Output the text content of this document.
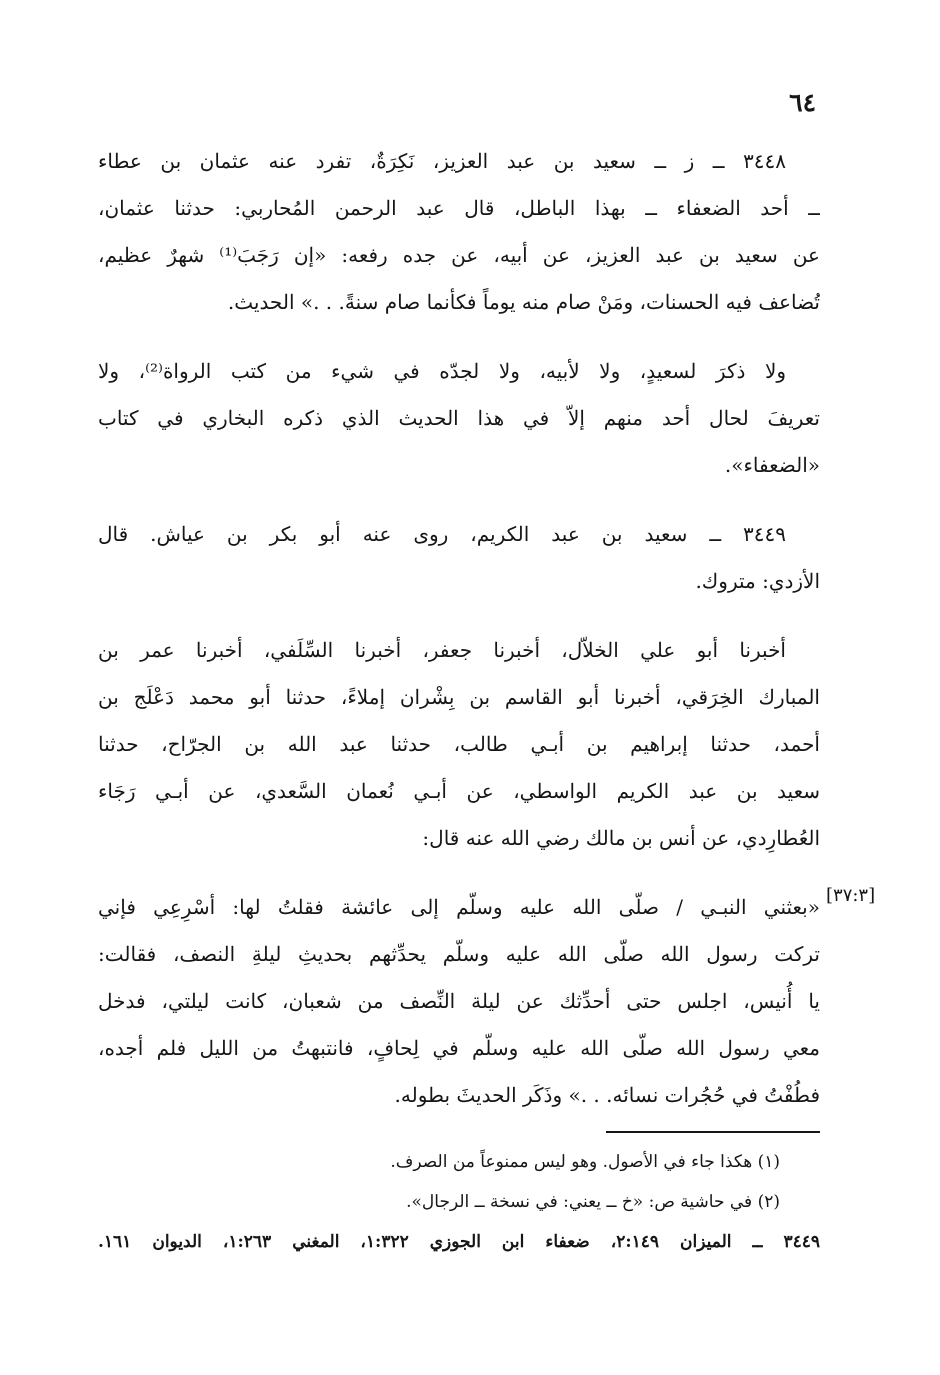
٦٤
٣٤٤٨ ــ ز ــ سعيد بن عبد العزيز، نَكِرَةٌ، تفرد عنه عثمان بن عطاء
ــ أحد الضعفاء ــ بهذا الباطل، قال عبد الرحمن المُحاربي: حدثنا عثمان،
عن سعيد بن عبد العزيز، عن أبيه، عن جده رفعه: «إن رَجَبَ⁽¹⁾ شهرٌ عظيم،
تُضاعف فيه الحسنات، ومَنْ صام منه يوماً فكأنما صام سنةً. . .» الحديث.
ولا ذكرَ لسعيدٍ، ولا لأبيه، ولا لجدّه في شيء من كتب الرواة⁽²⁾، ولا
تعريفَ لحال أحد منهم إلاّ في هذا الحديث الذي ذكره البخاري في كتاب
«الضعفاء».
٣٤٤٩ ــ سعيد بن عبد الكريم، روى عنه أبو بكر بن عياش. قال
الأزدي: متروك.
أخبرنا أبو علي الخلاّل، أخبرنا جعفر، أخبرنا السِّلَفي، أخبرنا عمر بن
المبارك الخِرَقي، أخبرنا أبو القاسم بن بِشْران إملاءً، حدثنا أبو محمد دَعْلَج بن
أحمد، حدثنا إبراهيم بن أبـي طالب، حدثنا عبد الله بن الجرّاح، حدثنا
سعيد بن عبد الكريم الواسطي، عن أبـي نُعمان السَّعدي، عن أبـي رَجَاء
العُطارِدي، عن أنس بن مالك رضي الله عنه قال:
«بعثني النبـي / صلّى الله عليه وسلّم إلى عائشة فقلتُ لها: أسْرِعِي فإني
تركت رسول الله صلّى الله عليه وسلّم يحدِّثهم بحديثِ ليلةِ النصف، فقالت:
يا أُنيس، اجلس حتى أحدِّثك عن ليلة النِّصف من شعبان، كانت ليلتي، فدخل
معي رسول الله صلّى الله عليه وسلّم في لِحافٍ، فانتبهتُ من الليل فلم أجده،
فطُفْتُ في حُجُرات نسائه. . .» وذَكَر الحديثَ بطوله.
[٣٧:٣]
(١) هكذا جاء في الأصول. وهو ليس ممنوعاً من الصرف.
(٢) في حاشية ص: «خ ــ يعني: في نسخة ــ الرجال».
٣٤٤٩ ــ الميزان ٢:١٤٩، ضعفاء ابن الجوزي ١:٣٢٢، المغني ١:٢٦٣، الديوان ١٦١.
